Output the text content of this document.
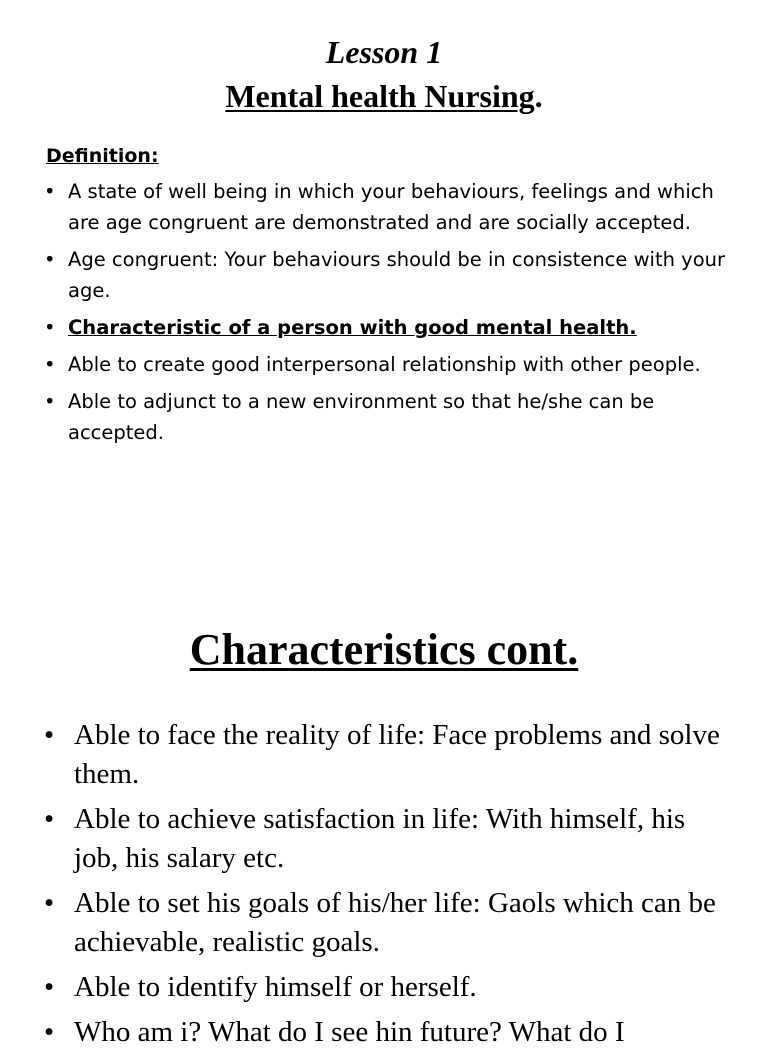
Lesson 1
Mental health Nursing.
Definition:
• A state of well being in which your behaviours, feelings and which are age congruent are demonstrated and are socially accepted.
• Age congruent: Your behaviours should be in consistence with your age.
• Characteristic of a person with good mental health.
• Able to create good interpersonal relationship with other people.
• Able to adjunct to a new environment so that he/she can be accepted.
Characteristics cont.
• Able to face the reality of life: Face problems and solve them.
• Able to achieve satisfaction in life: With himself, his job, his salary etc.
• Able to set his goals of his/her life: Gaols which can be achievable, realistic goals.
• Able to identify himself or herself.
• Who am i? What do I see hin future? What do I
